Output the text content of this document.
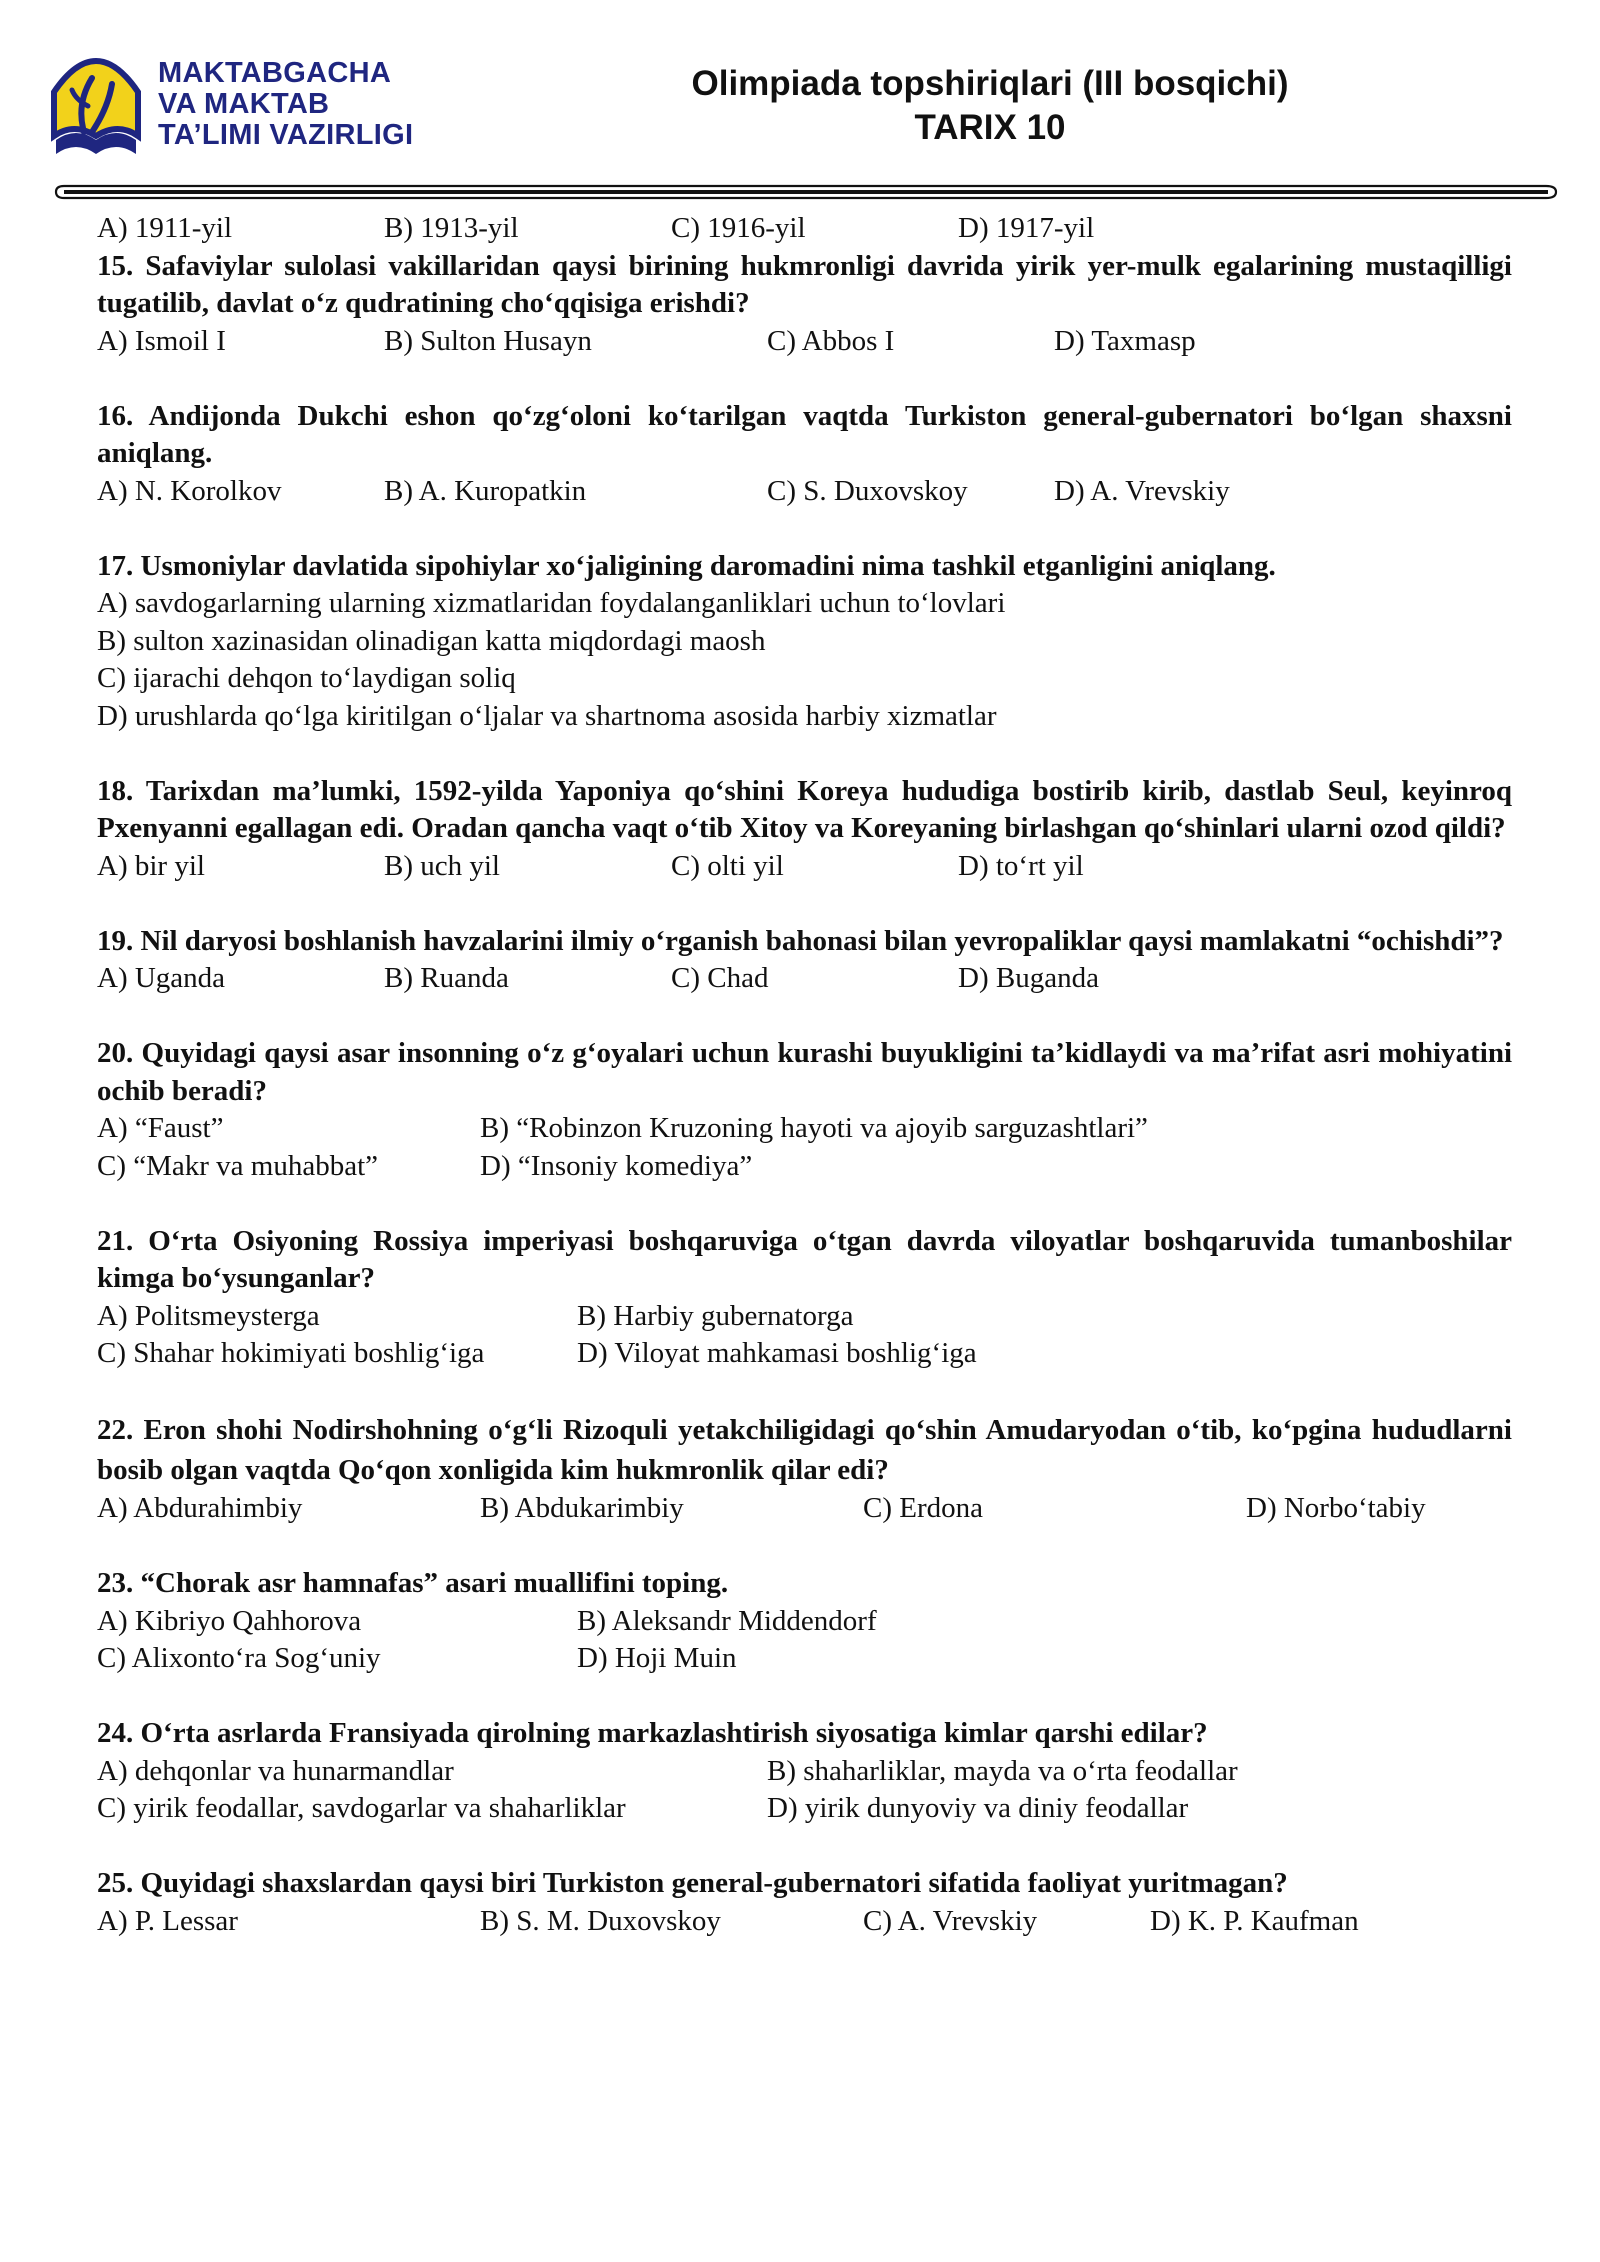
MAKTABGACHA
VA MAKTAB
TA’LIMI VAZIRLIGI
Olimpiada topshiriqlari (III bosqichi)
TARIX 10
A) 1911-yil	B) 1913-yil	C) 1916-yil	D) 1917-yil
15. Safaviylar sulolasi vakillaridan qaysi birining hukmronligi davrida yirik yer-mulk egalarining mustaqilligi tugatilib, davlat o‘z qudratining cho‘qqisiga erishdi?
A) Ismoil I	B) Sulton Husayn	C) Abbos I	D) Taxmasp
16. Andijonda Dukchi eshon qo‘zg‘oloni ko‘tarilgan vaqtda Turkiston general-gubernatori bo‘lgan shaxsni aniqlang.
A) N. Korolkov	B) A. Kuropatkin	C) S. Duxovskoy	D) A. Vrevskiy
17. Usmoniylar davlatida sipohiylar xo‘jaligining daromadini nima tashkil etganligini aniqlang.
A) savdogarlarning ularning xizmatlaridan foydalanganliklari uchun to‘lovlari
B) sulton xazinasidan olinadigan katta miqdordagi maosh
C) ijarachi dehqon to‘laydigan soliq
D) urushlarda qo‘lga kiritilgan o‘ljalar va shartnoma asosida harbiy xizmatlar
18. Tarixdan ma’lumki, 1592-yilda Yaponiya qo‘shini Koreya hududiga bostirib kirib, dastlab Seul, keyinroq Pxenyanni egallagan edi. Oradan qancha vaqt o‘tib Xitoy va Koreyaning birlashgan qo‘shinlari ularni ozod qildi?
A) bir yil	B) uch yil	C) olti yil	D) to‘rt yil
19. Nil daryosi boshlanish havzalarini ilmiy o‘rganish bahonasi bilan yevropaliklar qaysi mamlakatni “ochishdi”?
A) Uganda	B) Ruanda	C) Chad	D) Buganda
20. Quyidagi qaysi asar insonning o‘z g‘oyalari uchun kurashi buyukligini ta’kidlaydi va ma’rifat asri mohiyatini ochib beradi?
A) “Faust”	B) “Robinzon Kruzoning hayoti va ajoyib sarguzashtlari”
C) “Makr va muhabbat”	D) “Insoniy komediya”
21. O‘rta Osiyoning Rossiya imperiyasi boshqaruviga o‘tgan davrda viloyatlar boshqaruvida tumanboshilar kimga bo‘ysunganlar?
A) Politsmeysterga	B) Harbiy gubernatorga
C) Shahar hokimiyati boshlig‘iga	D) Viloyat mahkamasi boshlig‘iga
22. Eron shohi Nodirshohning o‘g‘li Rizoquli yetakchiligidagi qo‘shin Amudaryodan o‘tib, ko‘pgina hududlarni bosib olgan vaqtda Qo‘qon xonligida kim hukmronlik qilar edi?
A) Abdurahimbiy	B) Abdukarimbiy	C) Erdona	D) Norbo‘tabiy
23. “Chorak asr hamnafas” asari muallifini toping.
A) Kibriyo Qahhorova	B) Aleksandr Middendorf
C) Alixonto‘ra Sog‘uniy	D) Hoji Muin
24. O‘rta asrlarda Fransiyada qirolning markazlashtirish siyosatiga kimlar qarshi edilar?
A) dehqonlar va hunarmandlar	B) shaharliklar, mayda va o‘rta feodallar
C) yirik feodallar, savdogarlar va shaharliklar	D) yirik dunyoviy va diniy feodallar
25. Quyidagi shaxslardan qaysi biri Turkiston general-gubernatori sifatida faoliyat yuritmagan?
A) P. Lessar	B) S. M. Duxovskoy	C) A. Vrevskiy	D) K. P. Kaufman
